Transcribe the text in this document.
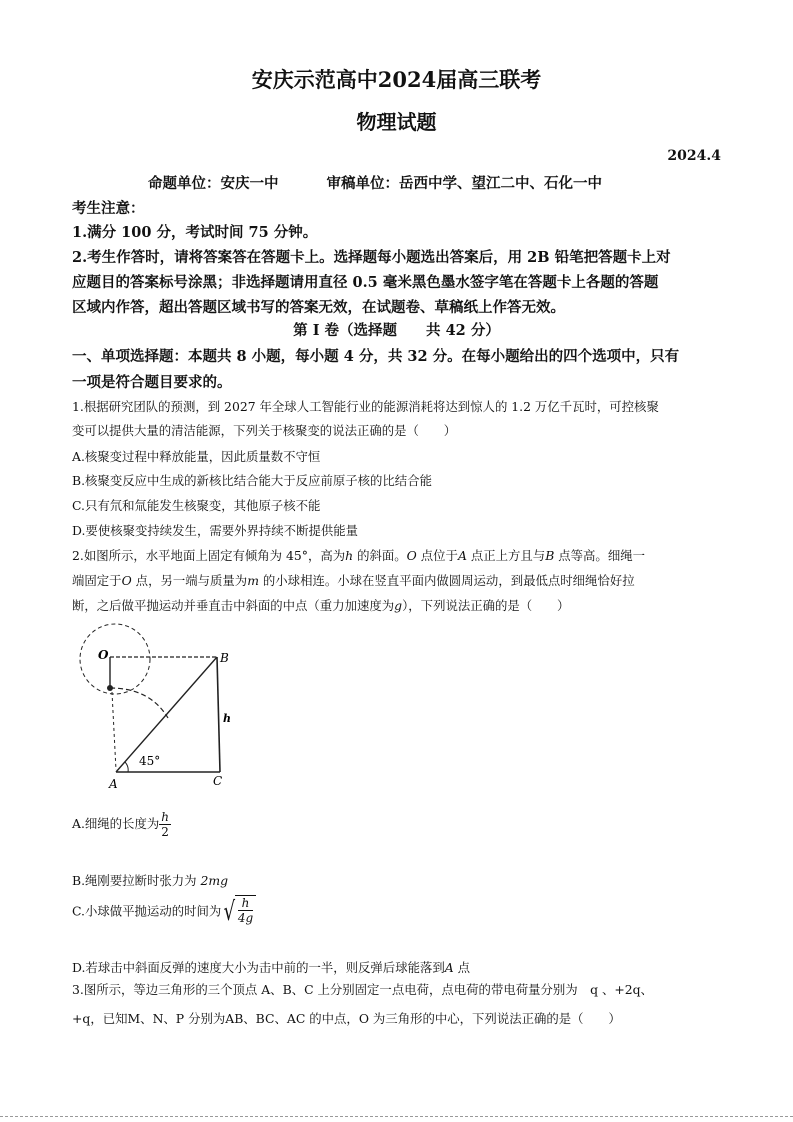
安庆示范高中2024届高三联考
物理试题
2024.4
命题单位：安庆一中	审稿单位：岳西中学、望江二中、石化一中
考生注意：
1.满分 100 分，考试时间 75 分钟。
2.考生作答时，请将答案答在答题卡上。选择题每小题选出答案后，用 2B 铅笔把答题卡上对
应题目的答案标号涂黑；非选择题请用直径 0.5 毫米黑色墨水签字笔在答题卡上各题的答题
区域内作答，超出答题区域书写的答案无效，在试题卷、草稿纸上作答无效。
第 I 卷（选择题　　共 42 分）
一、单项选择题：本题共 8 小题，每小题 4 分，共 32 分。在每小题给出的四个选项中，只有
一项是符合题目要求的。
1.根据研究团队的预测，到 2027 年全球人工智能行业的能源消耗将达到惊人的 1.2 万亿千瓦时，可控核聚
变可以提供大量的清洁能源，下列关于核聚变的说法正确的是（　　）
A.核聚变过程中释放能量，因此质量数不守恒
B.核聚变反应中生成的新核比结合能大于反应前原子核的比结合能
C.只有氘和氚能发生核聚变，其他原子核不能
D.要使核聚变持续发生，需要外界持续不断提供能量
2.如图所示，水平地面上固定有倾角为 45°，高为h 的斜面。O 点位于A 点正上方且与B 点等高。细绳一
端固定于O 点，另一端与质量为m 的小球相连。小球在竖直平面内做圆周运动，到最低点时细绳恰好拉
断，之后做平抛运动并垂直击中斜面的中点（重力加速度为g），下列说法正确的是（　　）
O	B
h
45°
A	C
A.细绳的长度为 $\frac{h}{2}$
B.绳刚要拉断时张力为 2mg
C.小球做平抛运动的时间为 √ $\frac{h}{4g}$
D.若球击中斜面反弹的速度大小为击中前的一半，则反弹后球能落到A 点
3.图所示，等边三角形的三个顶点 A、B、C 上分别固定一点电荷，点电荷的带电荷量分别为　q 、+2q、
+q，已知M、N、P 分别为AB、BC、AC 的中点，O 为三角形的中心，下列说法正确的是（　　）
